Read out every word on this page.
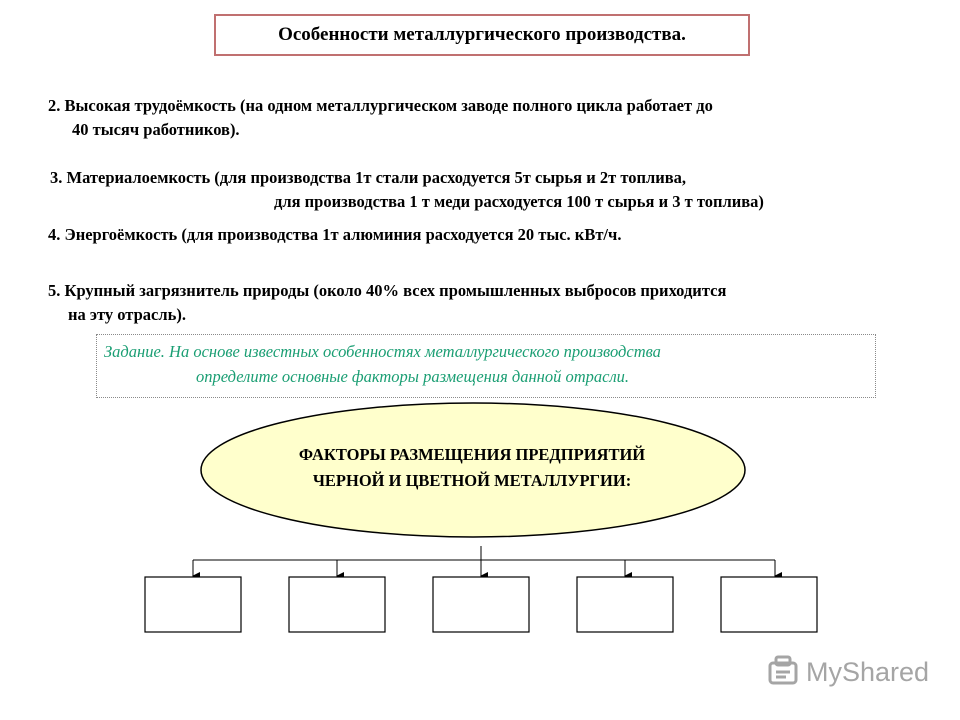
Особенности металлургического производства.
2. Высокая трудоёмкость (на одном металлургическом заводе полного цикла работает до
40 тысяч работников).
3. Материалоемкость (для производства 1т стали расходуется 5т сырья и 2т топлива,
для производства 1 т меди расходуется 100 т сырья и 3 т топлива)
4. Энергоёмкость (для производства 1т алюминия расходуется 20 тыс. кВт/ч.
5. Крупный загрязнитель природы (около 40% всех промышленных выбросов приходится
на эту отрасль).
Задание. На основе известных особенностях металлургического производства
определите основные факторы размещения данной отрасли.
ФАКТОРЫ РАЗМЕЩЕНИЯ ПРЕДПРИЯТИЙ
ЧЕРНОЙ И ЦВЕТНОЙ МЕТАЛЛУРГИИ:
MyShared
